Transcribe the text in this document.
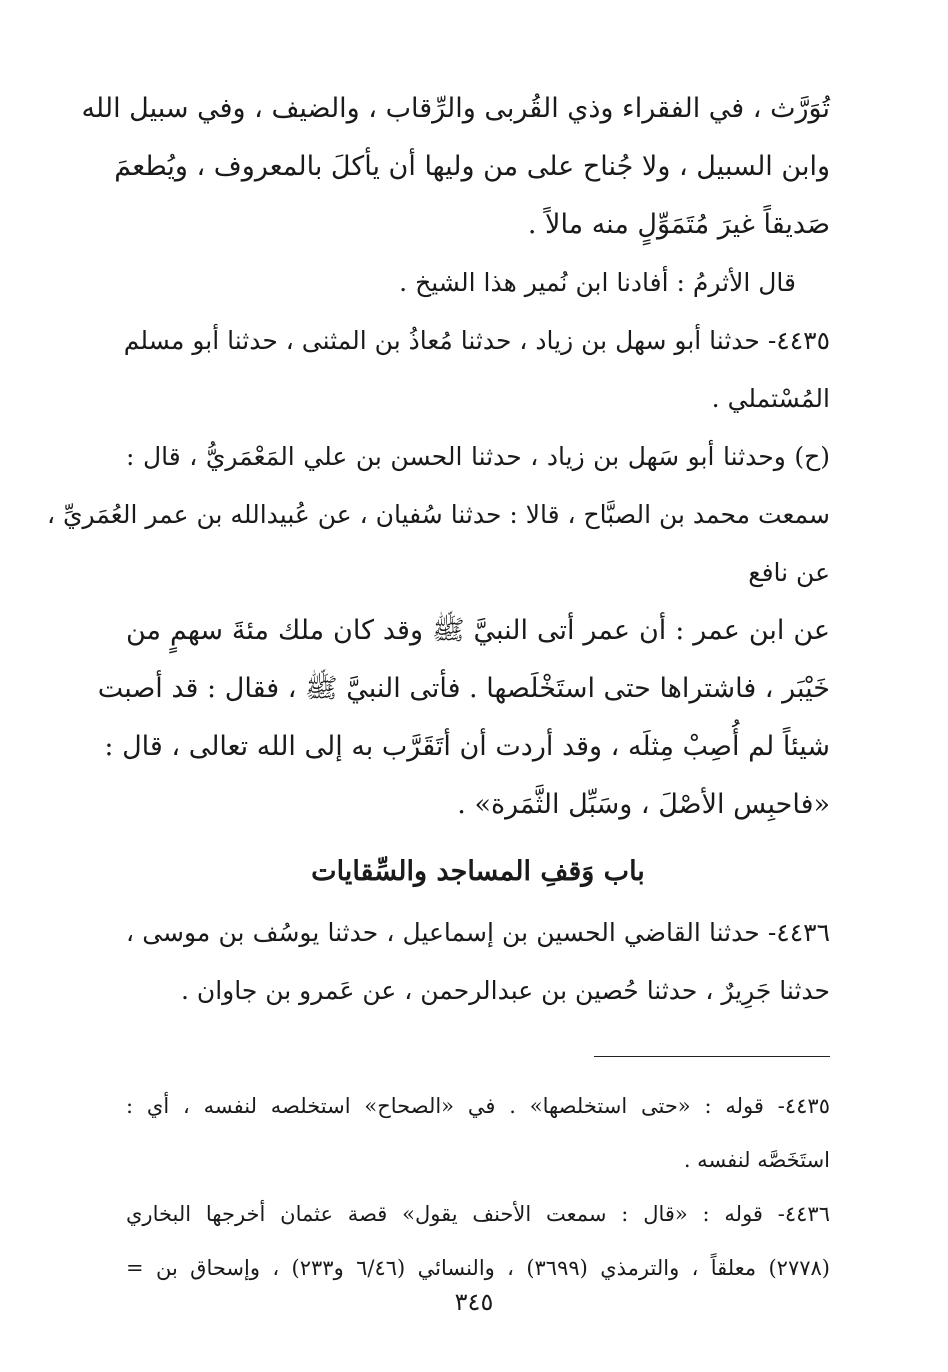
تُوَرَّث ، في الفقراء وذي القُربى والرِّقاب ، والضيف ، وفي سبيل الله

وابن السبيل ، ولا جُناح على من وليها أن يأكلَ بالمعروف ، ويُطعمَ

صَديقاً غيرَ مُتَمَوِّلٍ منه مالاً .

قال الأثرمُ : أفادنا ابن نُمير هذا الشيخ .

٤٤٣٥- حدثنا أبو سهل بن زياد ، حدثنا مُعاذُ بن المثنى ، حدثنا أبو مسلم

المُسْتملي .

(ح) وحدثنا أبو سَهل بن زياد ، حدثنا الحسن بن علي المَعْمَريُّ ، قال :

سمعت محمد بن الصبَّاح ، قالا : حدثنا سُفيان ، عن عُبيدالله بن عمر العُمَريِّ ،

عن نافع

عن ابن عمر : أن عمر أتى النبيَّ ﷺ وقد كان ملك مئةَ سهمٍ من

خَيْبَر ، فاشتراها حتى استَخْلَصها . فأتى النبيَّ ﷺ ، فقال : قد أصبت

شيئاً لم أُصِبْ مِثلَه ، وقد أردت أن أتَقَرَّب به إلى الله تعالى ، قال :

«فاحبِس الأصْلَ ، وسَبِّل الثَّمَرة» .

باب وَقفِ المساجد والسِّقايات

٤٤٣٦- حدثنا القاضي الحسين بن إسماعيل ، حدثنا يوسُف بن موسى ،

حدثنا جَرِيرٌ ، حدثنا حُصين بن عبدالرحمن ، عن عَمرو بن جاوان .

٤٤٣٥- قوله : «حتى استخلصها» . في «الصحاح» استخلصه لنفسه ، أي :

استَخَصَّه لنفسه .

٤٤٣٦- قوله : «قال : سمعت الأحنف يقول» قصة عثمان أخرجها البخاري

(٢٧٧٨) معلقاً ، والترمذي (٣٦٩٩) ، والنسائي (٦/٤٦ و٢٣٣) ، وإسحاق بن =

٣٤٥
